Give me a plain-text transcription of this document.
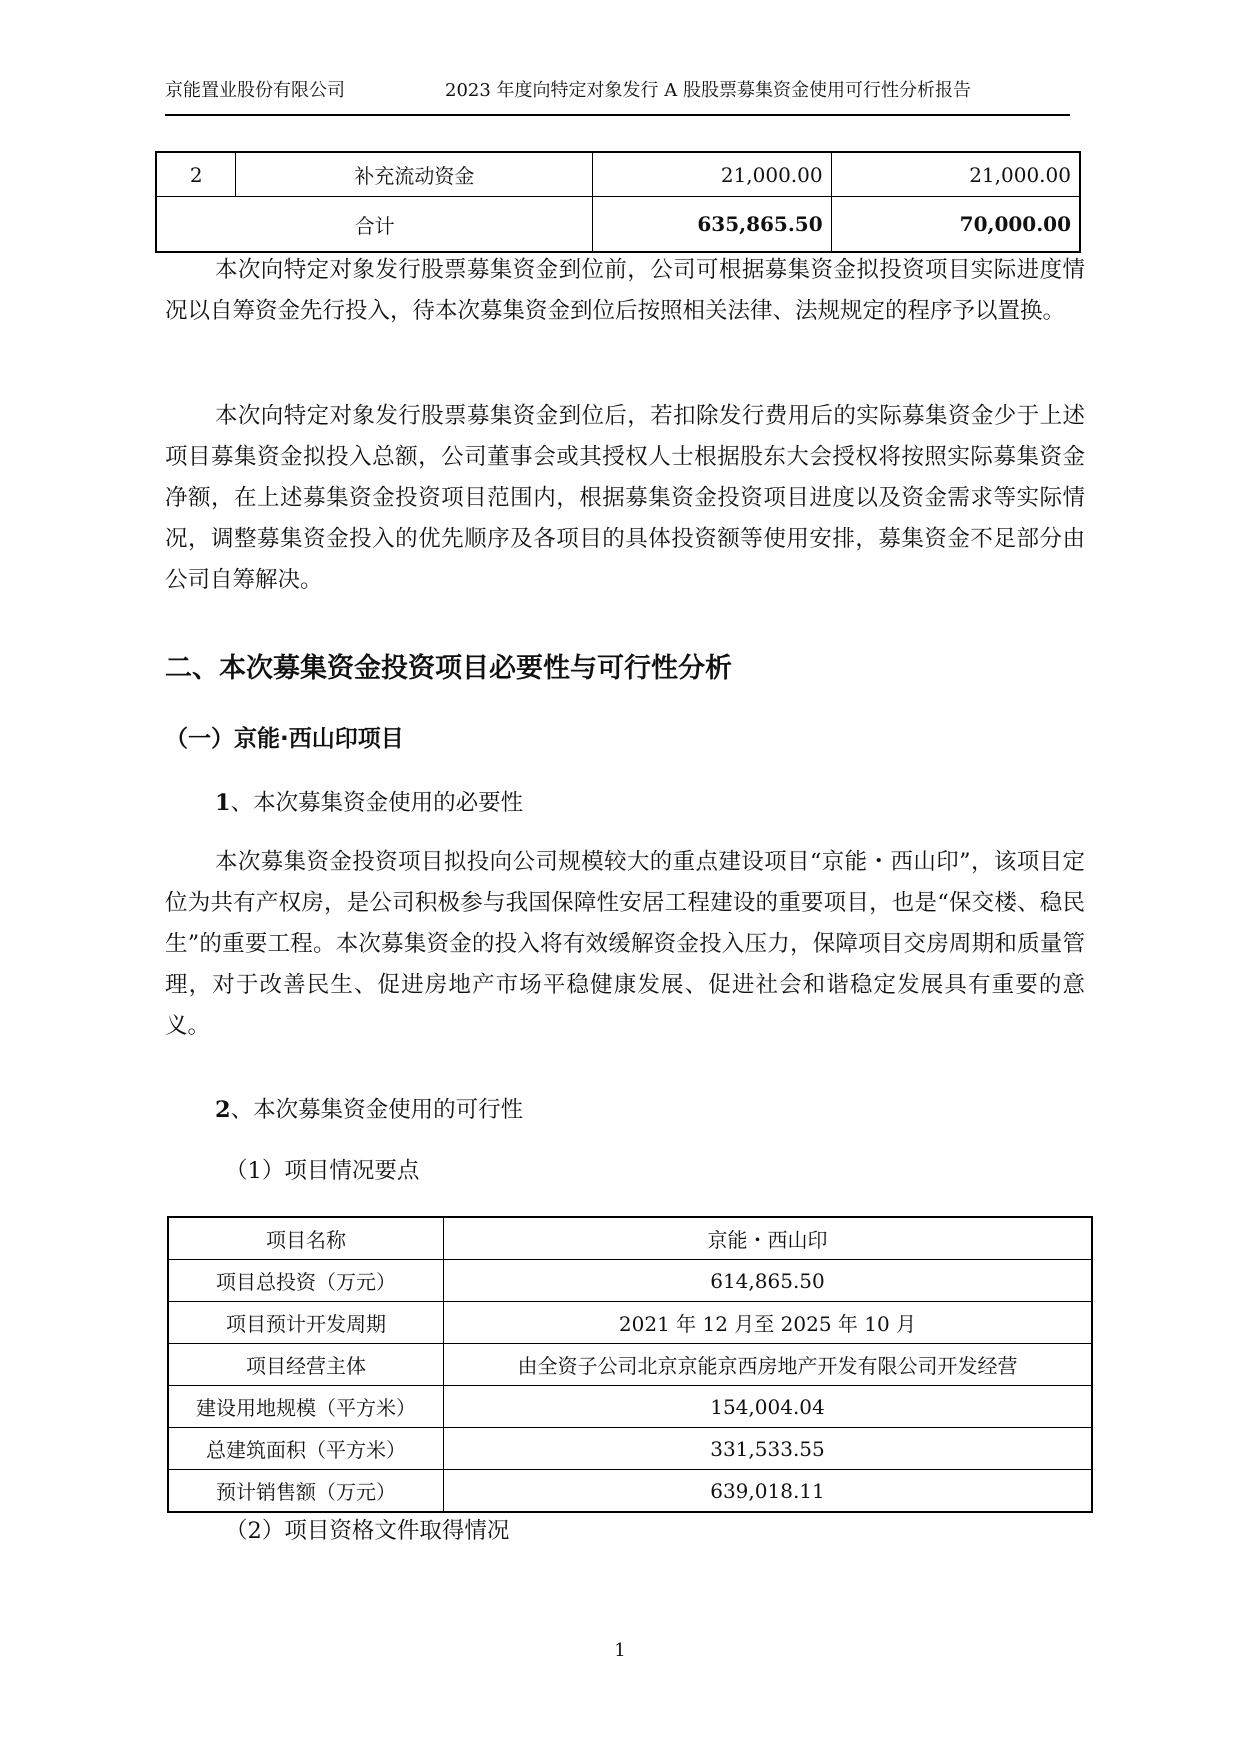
京能置业股份有限公司	2023 年度向特定对象发行 A 股股票募集资金使用可行性分析报告
2	补充流动资金	21,000.00	21,000.00
合计		635,865.50	70,000.00

本次向特定对象发行股票募集资金到位前，公司可根据募集资金拟投资项目实际进度情况以自筹资金先行投入，待本次募集资金到位后按照相关法律、法规规定的程序予以置换。

本次向特定对象发行股票募集资金到位后，若扣除发行费用后的实际募集资金少于上述项目募集资金拟投入总额，公司董事会或其授权人士根据股东大会授权将按照实际募集资金净额，在上述募集资金投资项目范围内，根据募集资金投资项目进度以及资金需求等实际情况，调整募集资金投入的优先顺序及各项目的具体投资额等使用安排，募集资金不足部分由公司自筹解决。

二、本次募集资金投资项目必要性与可行性分析
（一）京能·西山印项目

1、本次募集资金使用的必要性

本次募集资金投资项目拟投向公司规模较大的重点建设项目“京能・西山印”，该项目定位为共有产权房，是公司积极参与我国保障性安居工程建设的重要项目，也是“保交楼、稳民生”的重要工程。本次募集资金的投入将有效缓解资金投入压力，保障项目交房周期和质量管理，对于改善民生、促进房地产市场平稳健康发展、促进社会和谐稳定发展具有重要的意义。

2、本次募集资金使用的可行性

（1）项目情况要点

项目名称	京能・西山印
项目总投资（万元）	614,865.50
项目预计开发周期	2021 年 12 月至 2025 年 10 月
项目经营主体	由全资子公司北京京能京西房地产开发有限公司开发经营
建设用地规模（平方米）	154,004.04
总建筑面积（平方米）	331,533.55
预计销售额（万元）	639,018.11

（2）项目资格文件取得情况

1
